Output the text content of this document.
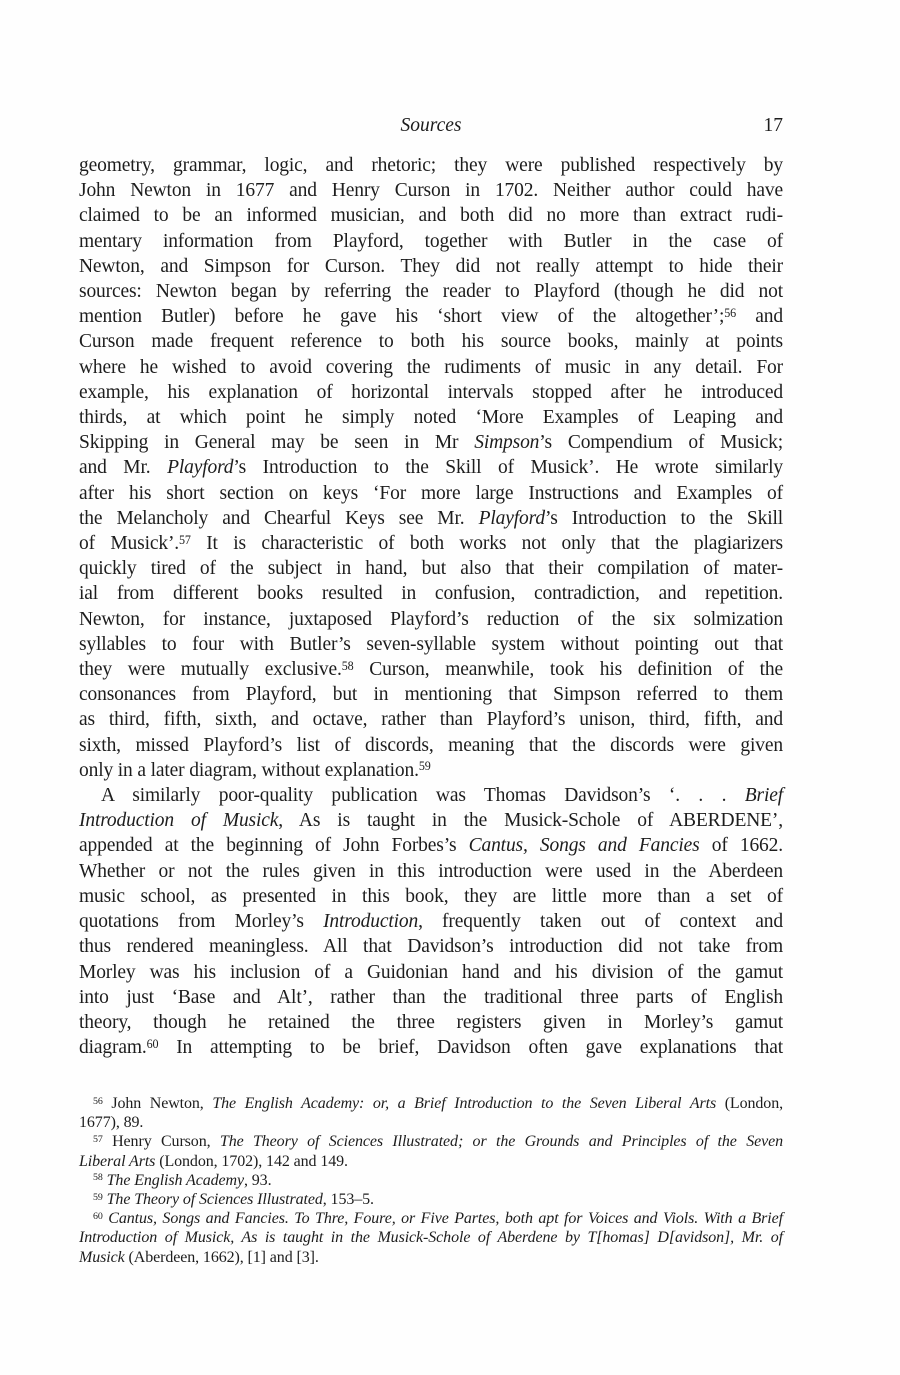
Sources	17
geometry, grammar, logic, and rhetoric; they were published respectively by
John Newton in 1677 and Henry Curson in 1702. Neither author could have
claimed to be an informed musician, and both did no more than extract rudi-
mentary information from Playford, together with Butler in the case of
Newton, and Simpson for Curson. They did not really attempt to hide their
sources: Newton began by referring the reader to Playford (though he did not
mention Butler) before he gave his ‘short view of the altogether’;$^{56}$ and
Curson made frequent reference to both his source books, mainly at points
where he wished to avoid covering the rudiments of music in any detail. For
example, his explanation of horizontal intervals stopped after he introduced
thirds, at which point he simply noted ‘More Examples of Leaping and
Skipping in General may be seen in Mr Simpson’s Compendium of Musick;
and Mr. Playford’s Introduction to the Skill of Musick’. He wrote similarly
after his short section on keys ‘For more large Instructions and Examples of
the Melancholy and Chearful Keys see Mr. Playford’s Introduction to the Skill
of Musick’.$^{57}$ It is characteristic of both works not only that the plagiarizers
quickly tired of the subject in hand, but also that their compilation of mater-
ial from different books resulted in confusion, contradiction, and repetition.
Newton, for instance, juxtaposed Playford’s reduction of the six solmization
syllables to four with Butler’s seven-syllable system without pointing out that
they were mutually exclusive.$^{58}$ Curson, meanwhile, took his definition of the
consonances from Playford, but in mentioning that Simpson referred to them
as third, fifth, sixth, and octave, rather than Playford’s unison, third, fifth, and
sixth, missed Playford’s list of discords, meaning that the discords were given
only in a later diagram, without explanation.$^{59}$
A similarly poor-quality publication was Thomas Davidson’s ‘. . . Brief
Introduction of Musick, As is taught in the Musick-Schole of ABERDENE’,
appended at the beginning of John Forbes’s Cantus, Songs and Fancies of 1662.
Whether or not the rules given in this introduction were used in the Aberdeen
music school, as presented in this book, they are little more than a set of
quotations from Morley’s Introduction, frequently taken out of context and
thus rendered meaningless. All that Davidson’s introduction did not take from
Morley was his inclusion of a Guidonian hand and his division of the gamut
into just ‘Base and Alt’, rather than the traditional three parts of English
theory, though he retained the three registers given in Morley’s gamut
diagram.$^{60}$ In attempting to be brief, Davidson often gave explanations that
$^{56}$ John Newton, The English Academy: or, a Brief Introduction to the Seven Liberal Arts (London,
1677), 89.
$^{57}$ Henry Curson, The Theory of Sciences Illustrated; or the Grounds and Principles of the Seven
Liberal Arts (London, 1702), 142 and 149.
$^{58}$ The English Academy, 93.
$^{59}$ The Theory of Sciences Illustrated, 153–5.
$^{60}$ Cantus, Songs and Fancies. To Thre, Foure, or Five Partes, both apt for Voices and Viols. With a Brief
Introduction of Musick, As is taught in the Musick-Schole of Aberdene by T[homas] D[avidson], Mr. of
Musick (Aberdeen, 1662), [1] and [3].
